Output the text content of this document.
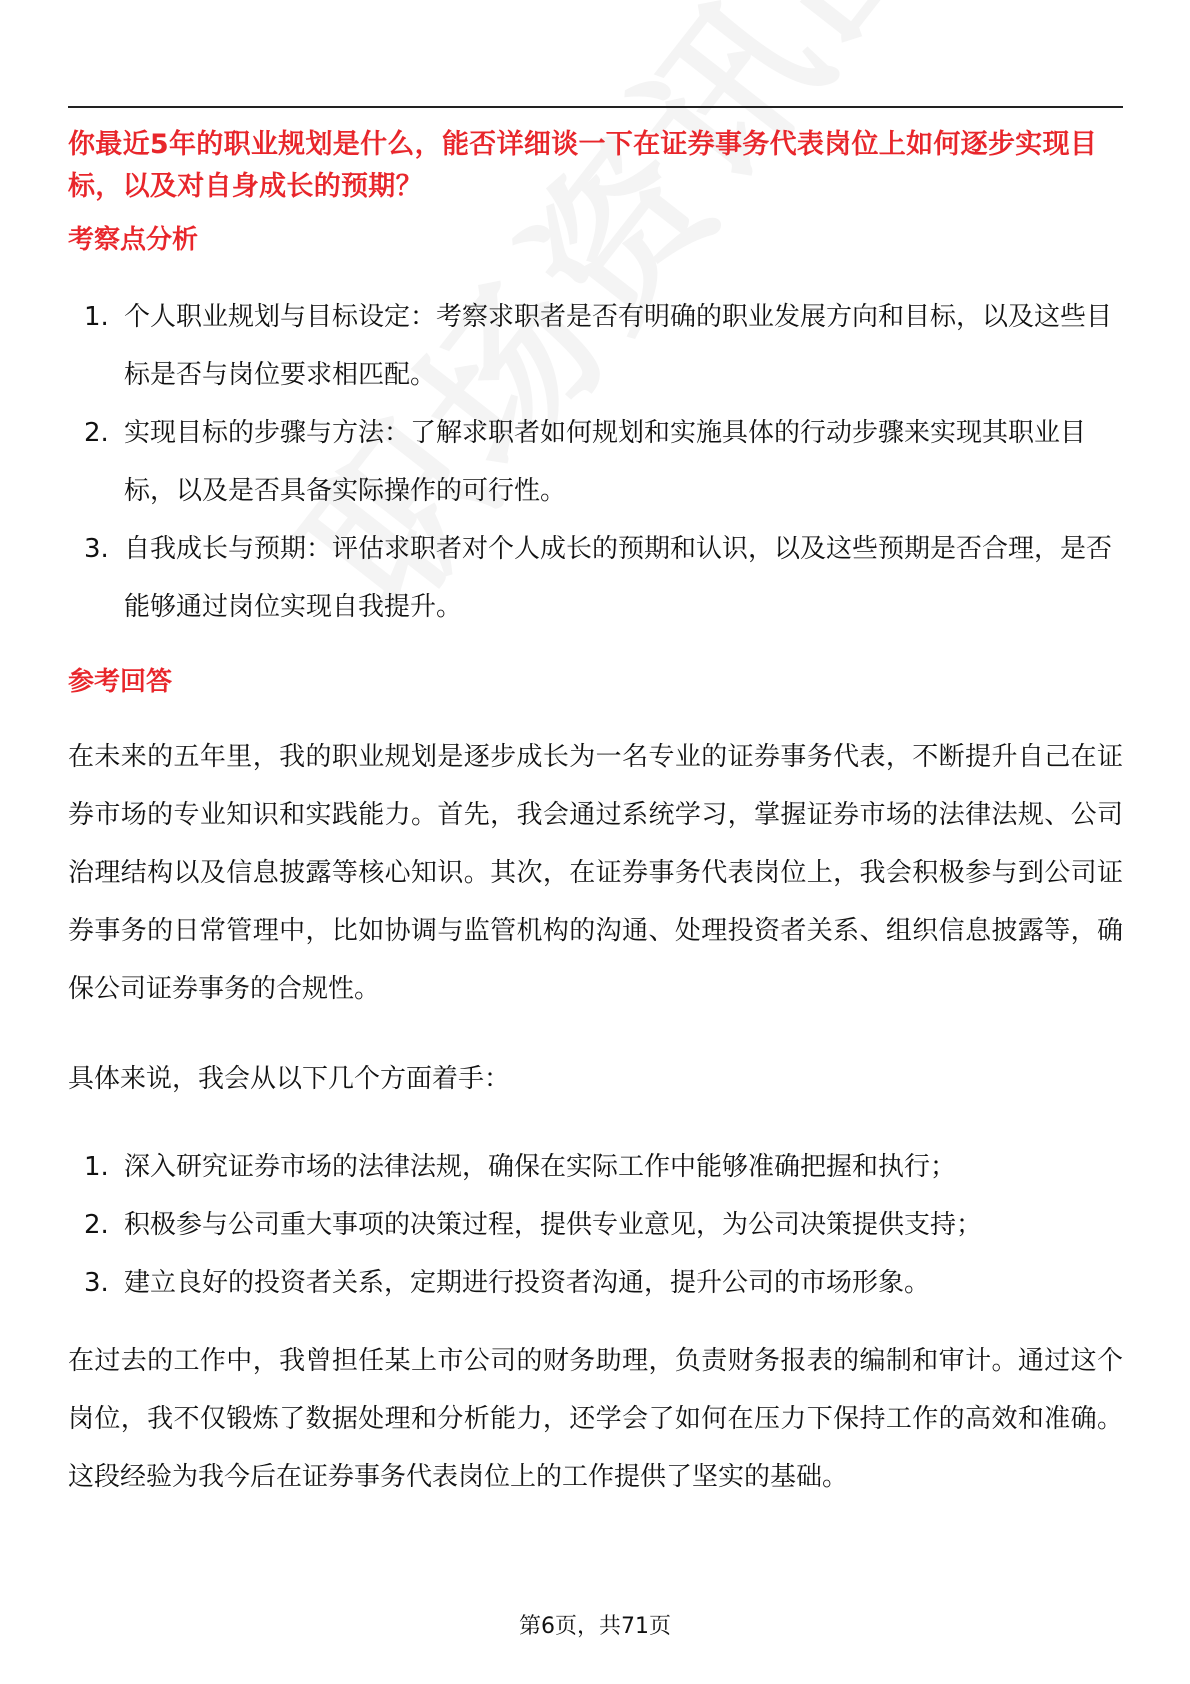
你最近5年的职业规划是什么，能否详细谈一下在证券事务代表岗位上如何逐步实现目标，以及对自身成长的预期？

考察点分析
1. 个人职业规划与目标设定：考察求职者是否有明确的职业发展方向和目标，以及这些目标是否与岗位要求相匹配。
2. 实现目标的步骤与方法：了解求职者如何规划和实施具体的行动步骤来实现其职业目标，以及是否具备实际操作的可行性。
3. 自我成长与预期：评估求职者对个人成长的预期和认识，以及这些预期是否合理，是否能够通过岗位实现自我提升。
参考回答

在未来的五年里，我的职业规划是逐步成长为一名专业的证券事务代表，不断提升自己在证券市场的专业知识和实践能力。首先，我会通过系统学习，掌握证券市场的法律法规、公司治理结构以及信息披露等核心知识。其次，在证券事务代表岗位上，我会积极参与到公司证券事务的日常管理中，比如协调与监管机构的沟通、处理投资者关系、组织信息披露等，确保公司证券事务的合规性。

具体来说，我会从以下几个方面着手：

1. 深入研究证券市场的法律法规，确保在实际工作中能够准确把握和执行；
2. 积极参与公司重大事项的决策过程，提供专业意见，为公司决策提供支持；
3. 建立良好的投资者关系，定期进行投资者沟通，提升公司的市场形象。

在过去的工作中，我曾担任某上市公司的财务助理，负责财务报表的编制和审计。通过这个岗位，我不仅锻炼了数据处理和分析能力，还学会了如何在压力下保持工作的高效和准确。这段经验为我今后在证券事务代表岗位上的工作提供了坚实的基础。

第6页，共71页
